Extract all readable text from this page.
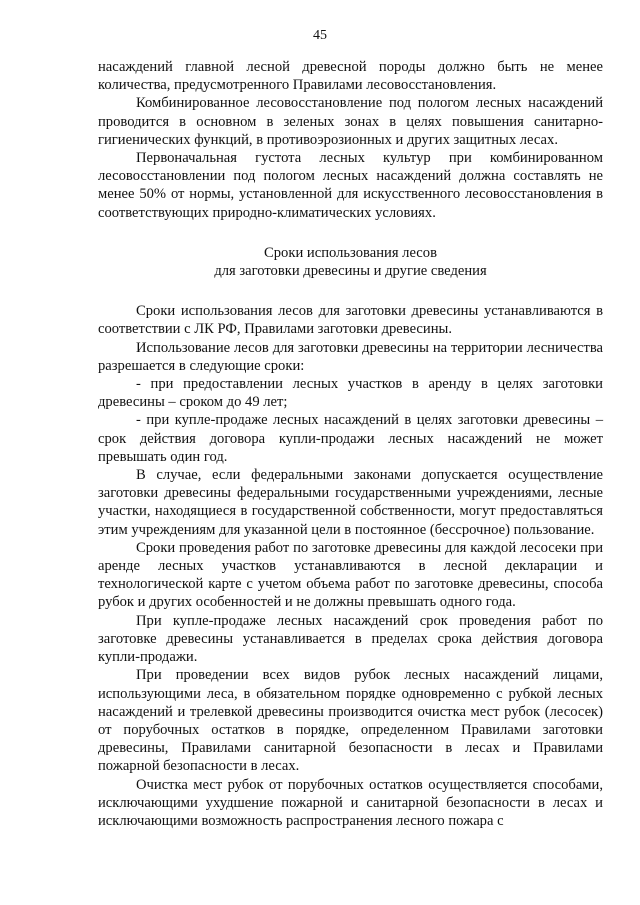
45

насаждений главной лесной древесной породы должно быть не менее количества, предусмотренного Правилами лесовосстановления.

Комбинированное лесовосстановление под пологом лесных насаждений проводится в основном в зеленых зонах в целях повышения санитарно-гигиенических функций, в противоэрозионных и других защитных лесах.

Первоначальная густота лесных культур при комбинированном лесовосстановлении под пологом лесных насаждений должна составлять не менее 50% от нормы, установленной для искусственного лесовосстановления в соответствующих природно-климатических условиях.

Сроки использования лесов
для заготовки древесины и другие сведения

Сроки использования лесов для заготовки древесины устанавливаются в соответствии с ЛК РФ, Правилами заготовки древесины.

Использование лесов для заготовки древесины на территории лесничества разрешается в следующие сроки:

- при предоставлении лесных участков в аренду в целях заготовки древесины – сроком до 49 лет;

- при купле-продаже лесных насаждений в целях заготовки древесины – срок действия договора купли-продажи лесных насаждений не может превышать один год.

В случае, если федеральными законами допускается осуществление заготовки древесины федеральными государственными учреждениями, лесные участки, находящиеся в государственной собственности, могут предоставляться этим учреждениям для указанной цели в постоянное (бессрочное) пользование.

Сроки проведения работ по заготовке древесины для каждой лесосеки при аренде лесных участков устанавливаются в лесной декларации и технологической карте с учетом объема работ по заготовке древесины, способа рубок и других особенностей и не должны превышать одного года.

При купле-продаже лесных насаждений срок проведения работ по заготовке древесины устанавливается в пределах срока действия договора купли-продажи.

При проведении всех видов рубок лесных насаждений лицами, использующими леса, в обязательном порядке одновременно с рубкой лесных насаждений и трелевкой древесины производится очистка мест рубок (лесосек) от порубочных остатков в порядке, определенном Правилами заготовки древесины, Правилами санитарной безопасности в лесах и Правилами пожарной безопасности в лесах.

Очистка мест рубок от порубочных остатков осуществляется способами, исключающими ухудшение пожарной и санитарной безопасности в лесах и исключающими возможность распространения лесного пожара с
